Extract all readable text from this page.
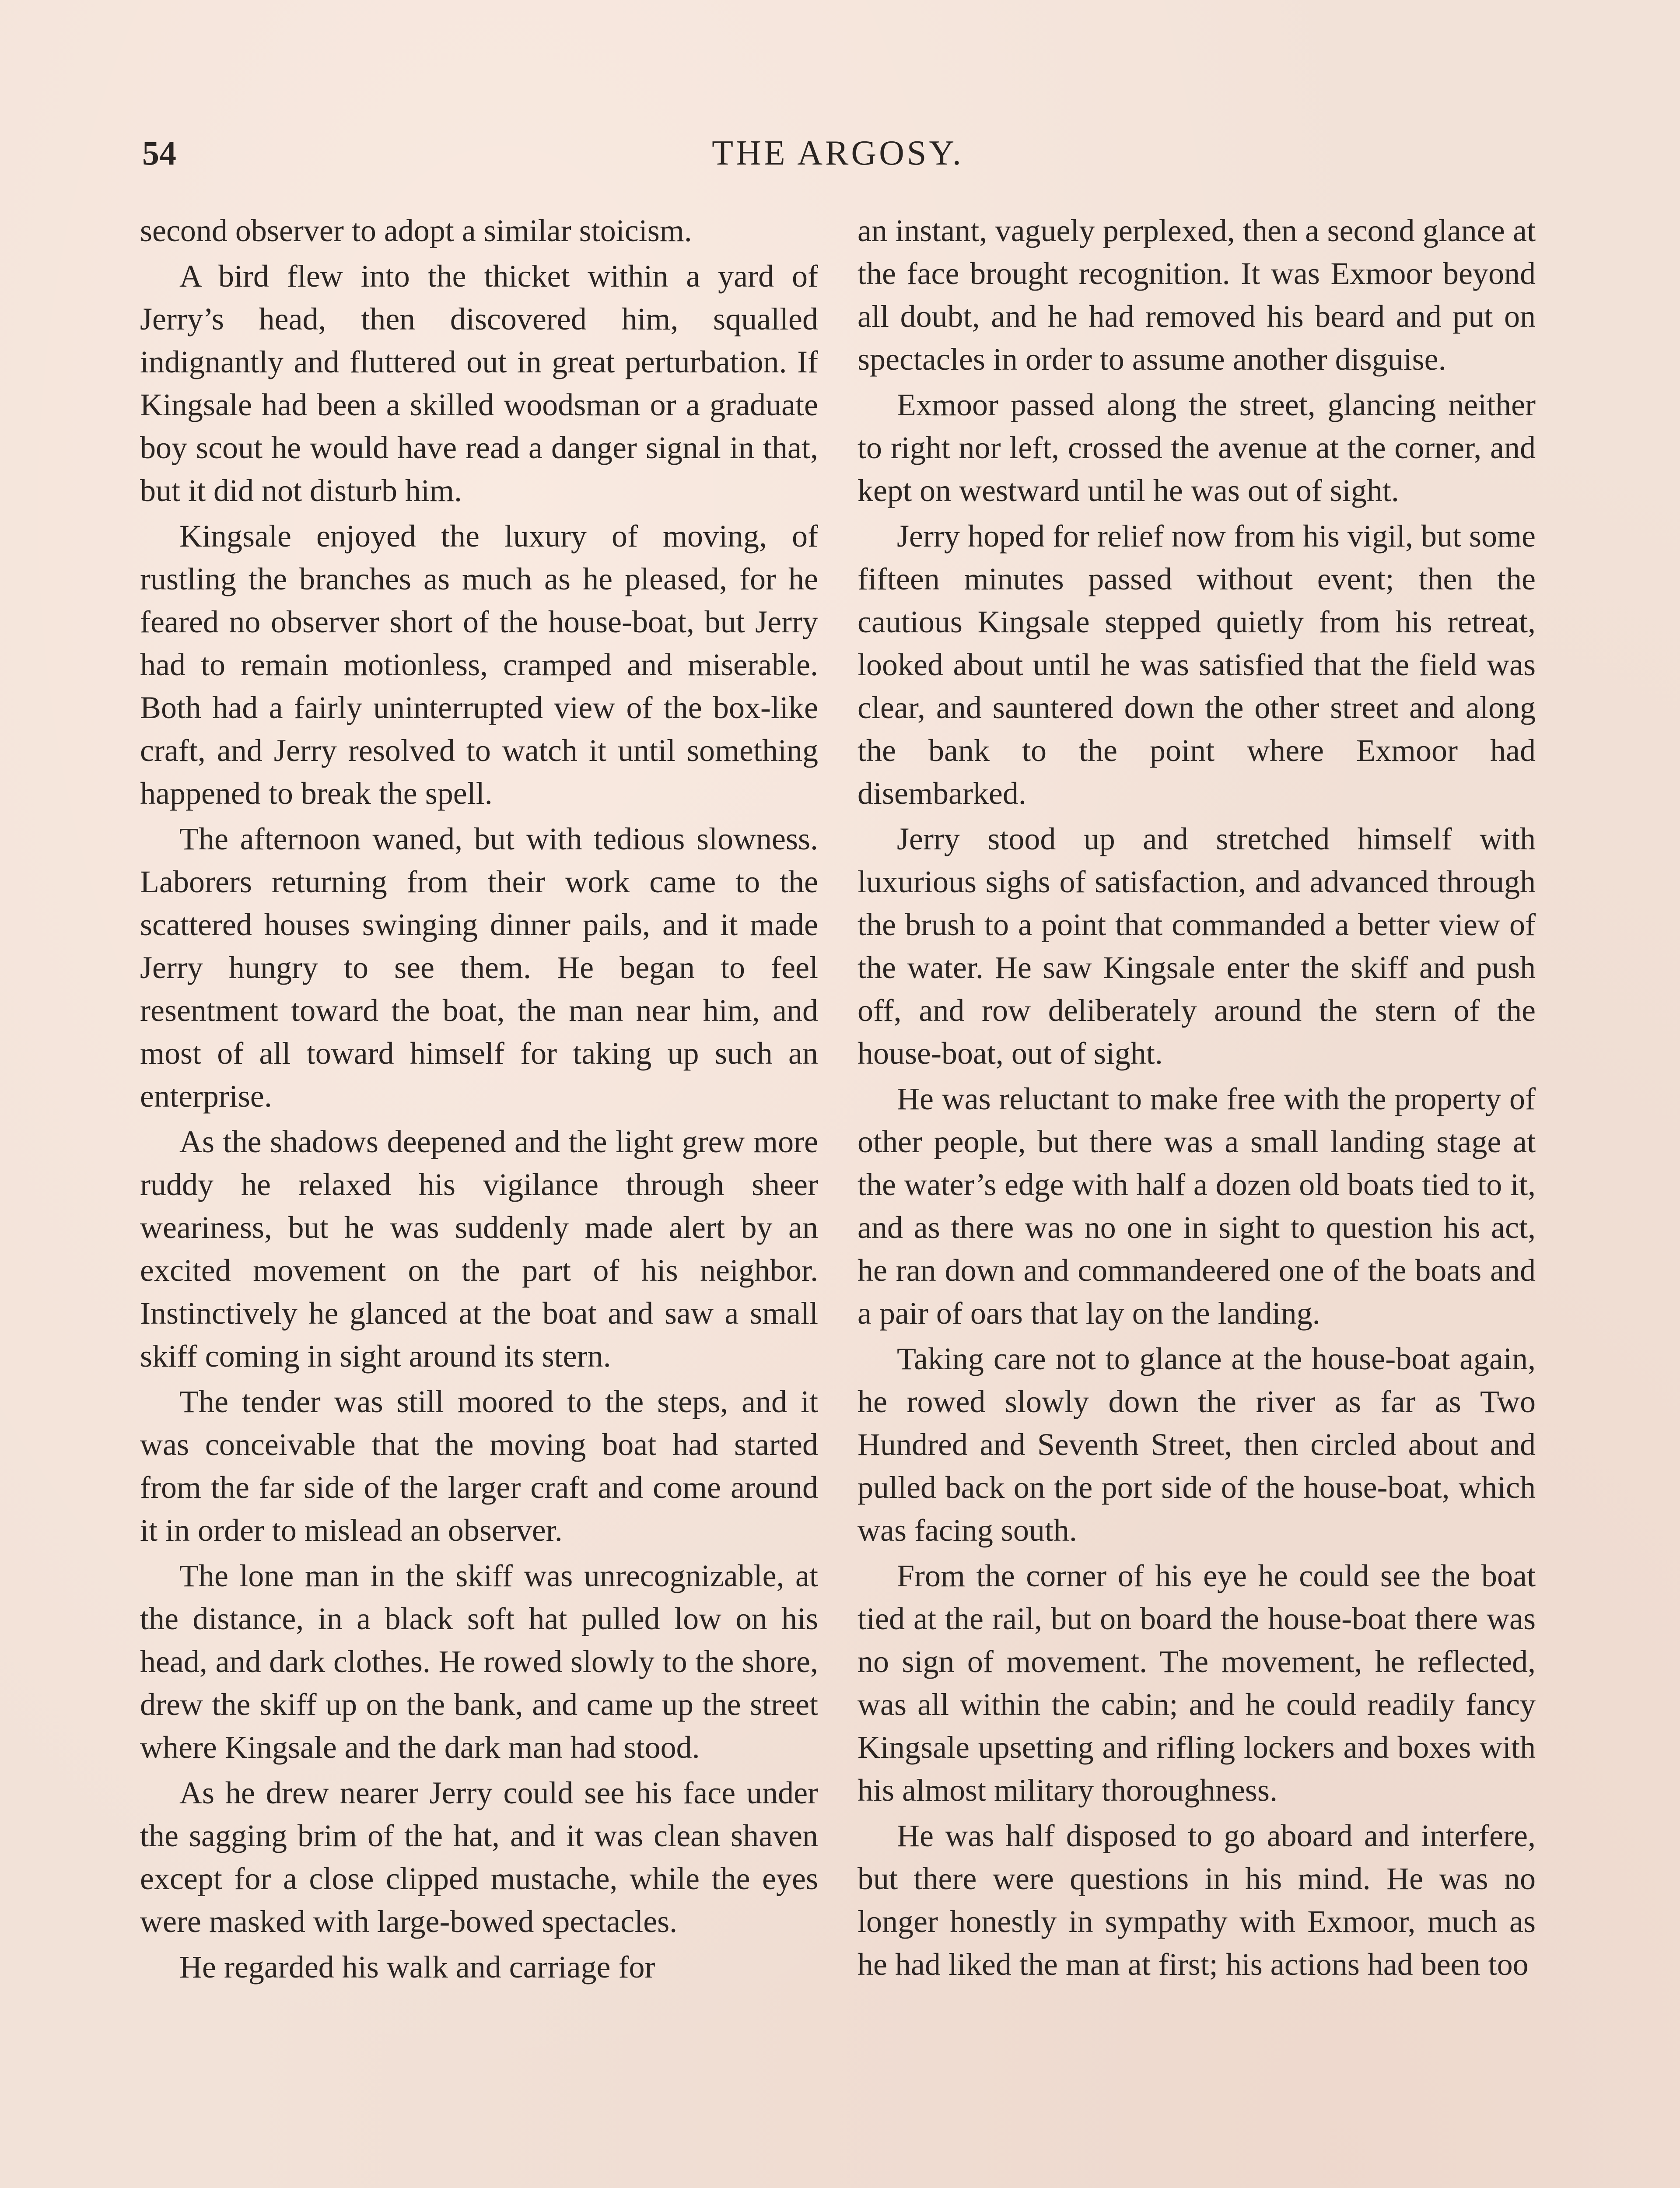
54	THE ARGOSY.

second observer to adopt a similar stoicism.

A bird flew into the thicket within a yard of Jerry’s head, then discovered him, squalled indignantly and fluttered out in great perturbation. If Kingsale had been a skilled woodsman or a graduate boy scout he would have read a danger signal in that, but it did not disturb him.

Kingsale enjoyed the luxury of moving, of rustling the branches as much as he pleased, for he feared no observer short of the house-boat, but Jerry had to remain motionless, cramped and miserable. Both had a fairly uninterrupted view of the box-like craft, and Jerry resolved to watch it until something happened to break the spell.

The afternoon waned, but with tedious slowness. Laborers returning from their work came to the scattered houses swinging dinner pails, and it made Jerry hungry to see them. He began to feel resentment toward the boat, the man near him, and most of all toward himself for taking up such an enterprise.

As the shadows deepened and the light grew more ruddy he relaxed his vigilance through sheer weariness, but he was suddenly made alert by an excited movement on the part of his neighbor. Instinctively he glanced at the boat and saw a small skiff coming in sight around its stern.

The tender was still moored to the steps, and it was conceivable that the moving boat had started from the far side of the larger craft and come around it in order to mislead an observer.

The lone man in the skiff was unrecognizable, at the distance, in a black soft hat pulled low on his head, and dark clothes. He rowed slowly to the shore, drew the skiff up on the bank, and came up the street where Kingsale and the dark man had stood.

As he drew nearer Jerry could see his face under the sagging brim of the hat, and it was clean shaven except for a close clipped mustache, while the eyes were masked with large-bowed spectacles.

He regarded his walk and carriage for

an instant, vaguely perplexed, then a second glance at the face brought recognition. It was Exmoor beyond all doubt, and he had removed his beard and put on spectacles in order to assume another disguise.

Exmoor passed along the street, glancing neither to right nor left, crossed the avenue at the corner, and kept on westward until he was out of sight.

Jerry hoped for relief now from his vigil, but some fifteen minutes passed without event; then the cautious Kingsale stepped quietly from his retreat, looked about until he was satisfied that the field was clear, and sauntered down the other street and along the bank to the point where Exmoor had disembarked.

Jerry stood up and stretched himself with luxurious sighs of satisfaction, and advanced through the brush to a point that commanded a better view of the water. He saw Kingsale enter the skiff and push off, and row deliberately around the stern of the house-boat, out of sight.

He was reluctant to make free with the property of other people, but there was a small landing stage at the water’s edge with half a dozen old boats tied to it, and as there was no one in sight to question his act, he ran down and commandeered one of the boats and a pair of oars that lay on the landing.

Taking care not to glance at the house-boat again, he rowed slowly down the river as far as Two Hundred and Seventh Street, then circled about and pulled back on the port side of the house-boat, which was facing south.

From the corner of his eye he could see the boat tied at the rail, but on board the house-boat there was no sign of movement. The movement, he reflected, was all within the cabin; and he could readily fancy Kingsale upsetting and rifling lockers and boxes with his almost military thoroughness.

He was half disposed to go aboard and interfere, but there were questions in his mind. He was no longer honestly in sympathy with Exmoor, much as he had liked the man at first; his actions had been too
